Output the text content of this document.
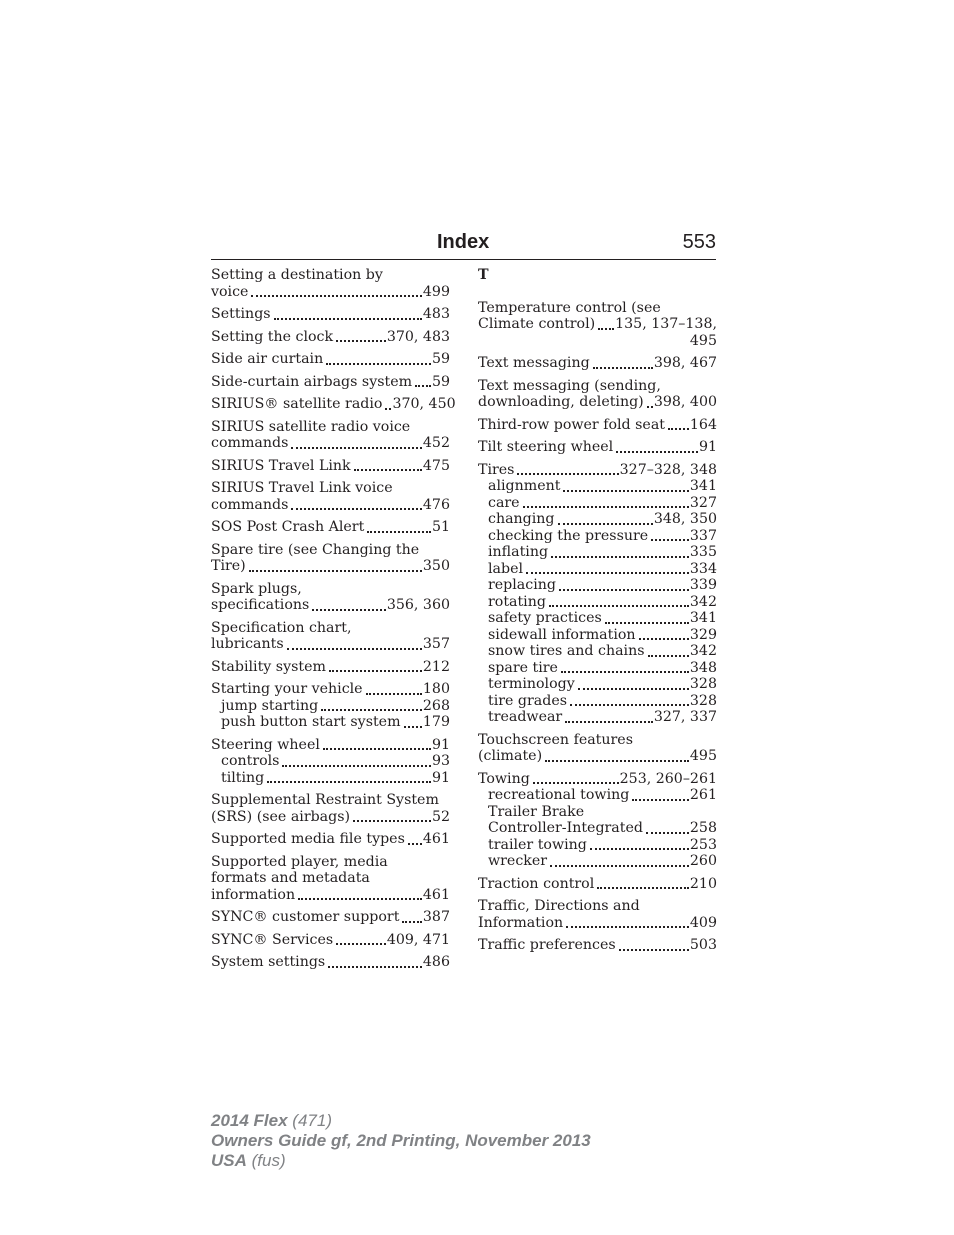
Index	553
Setting a destination by
voice	499
Settings	483
Setting the clock	370, 483
Side air curtain	59
Side-curtain airbags system 59
SIRIUS® satellite radio 370, 450
SIRIUS satellite radio voice
commands	452
SIRIUS Travel Link	475
SIRIUS Travel Link voice
commands	476
SOS Post Crash Alert	51
Spare tire (see Changing the
Tire)	350
Spark plugs,
specifications	356, 360
Specification chart,
lubricants	357
Stability system	212
Starting your vehicle	180
jump starting	268
push button start system 179
Steering wheel	91
controls	93
tilting	91
Supplemental Restraint System
(SRS) (see airbags)	52
Supported media file types 461
Supported player, media
formats and metadata
information	461
SYNC® customer support 387
SYNC® Services	409, 471
System settings	486
T
Temperature control (see
Climate control) 135, 137–138,
495
Text messaging	398, 467
Text messaging (sending,
downloading, deleting) 398, 400
Third-row power fold seat 164
Tilt steering wheel	91
Tires	327–328, 348
alignment	341
care	327
changing	348, 350
checking the pressure	337
inflating	335
label	334
replacing	339
rotating	342
safety practices	341
sidewall information	329
snow tires and chains	342
spare tire	348
terminology	328
tire grades	328
treadwear	327, 337
Touchscreen features
(climate)	495
Towing	253, 260–261
recreational towing	261
Trailer Brake
Controller-Integrated	258
trailer towing	253
wrecker	260
Traction control	210
Traffic, Directions and
Information	409
Traffic preferences	503
2014 Flex (471)
Owners Guide gf, 2nd Printing, November 2013
USA (fus)
